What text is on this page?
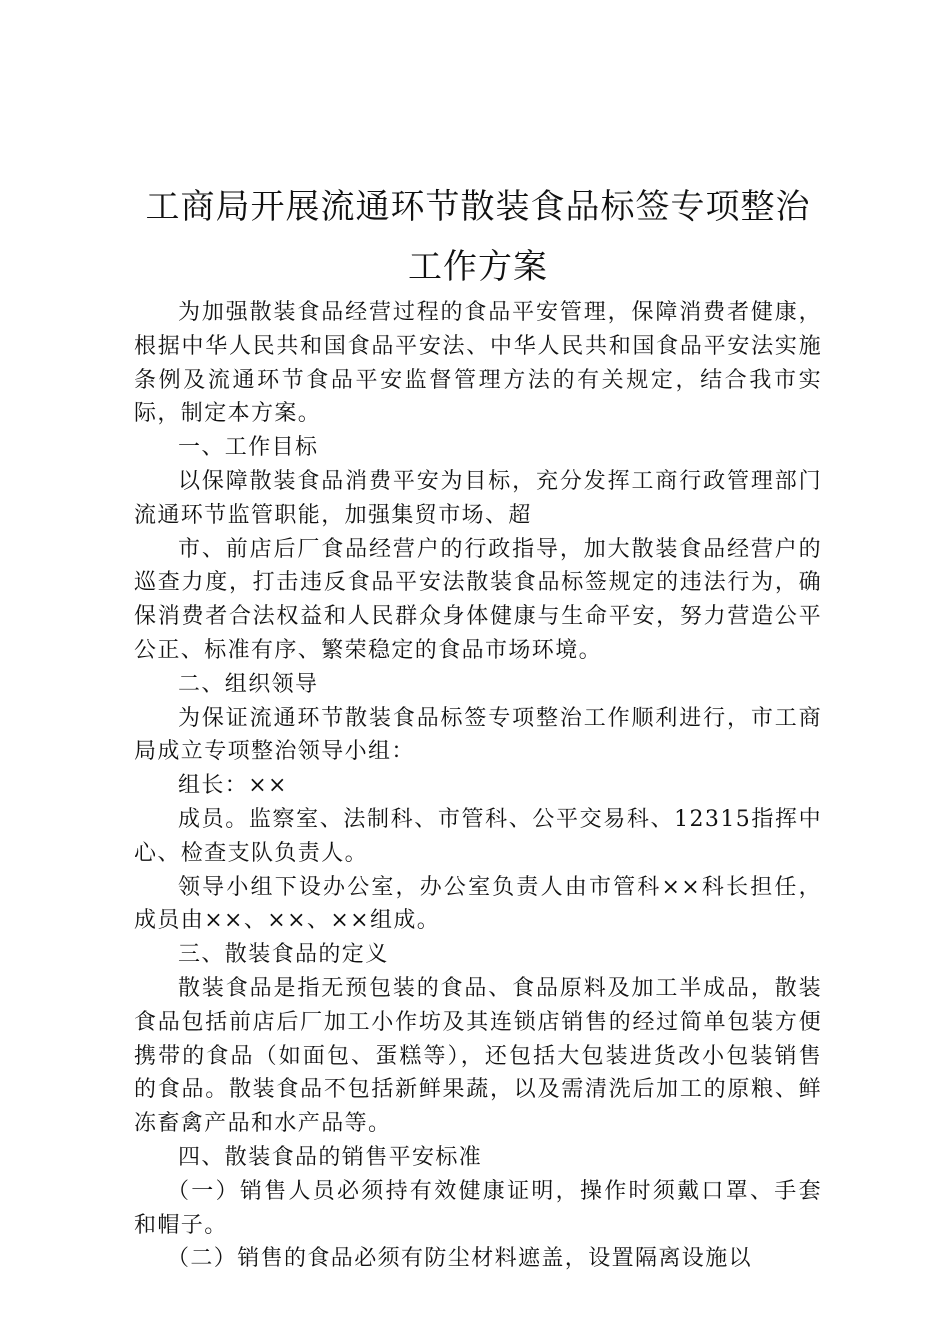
工商局开展流通环节散装食品标签专项整治
工作方案

为加强散装食品经营过程的食品平安管理，保障消费者健康，根据中华人民共和国食品平安法、中华人民共和国食品平安法实施条例及流通环节食品平安监督管理方法的有关规定，结合我市实际，制定本方案。

一、工作目标

以保障散装食品消费平安为目标，充分发挥工商行政管理部门流通环节监管职能，加强集贸市场、超

市、前店后厂食品经营户的行政指导，加大散装食品经营户的巡查力度，打击违反食品平安法散装食品标签规定的违法行为，确保消费者合法权益和人民群众身体健康与生命平安，努力营造公平公正、标准有序、繁荣稳定的食品市场环境。

二、组织领导

为保证流通环节散装食品标签专项整治工作顺利进行，市工商局成立专项整治领导小组：

组长：××

成员。监察室、法制科、市管科、公平交易科、12315指挥中心、检查支队负责人。

领导小组下设办公室，办公室负责人由市管科××科长担任，成员由××、××、××组成。

三、散装食品的定义

散装食品是指无预包装的食品、食品原料及加工半成品，散装食品包括前店后厂加工小作坊及其连锁店销售的经过简单包装方便携带的食品（如面包、蛋糕等），还包括大包装进货改小包装销售的食品。散装食品不包括新鲜果蔬，以及需清洗后加工的原粮、鲜冻畜禽产品和水产品等。

四、散装食品的销售平安标准

（一）销售人员必须持有效健康证明，操作时须戴口罩、手套和帽子。

（二）销售的食品必须有防尘材料遮盖，设置隔离设施以
